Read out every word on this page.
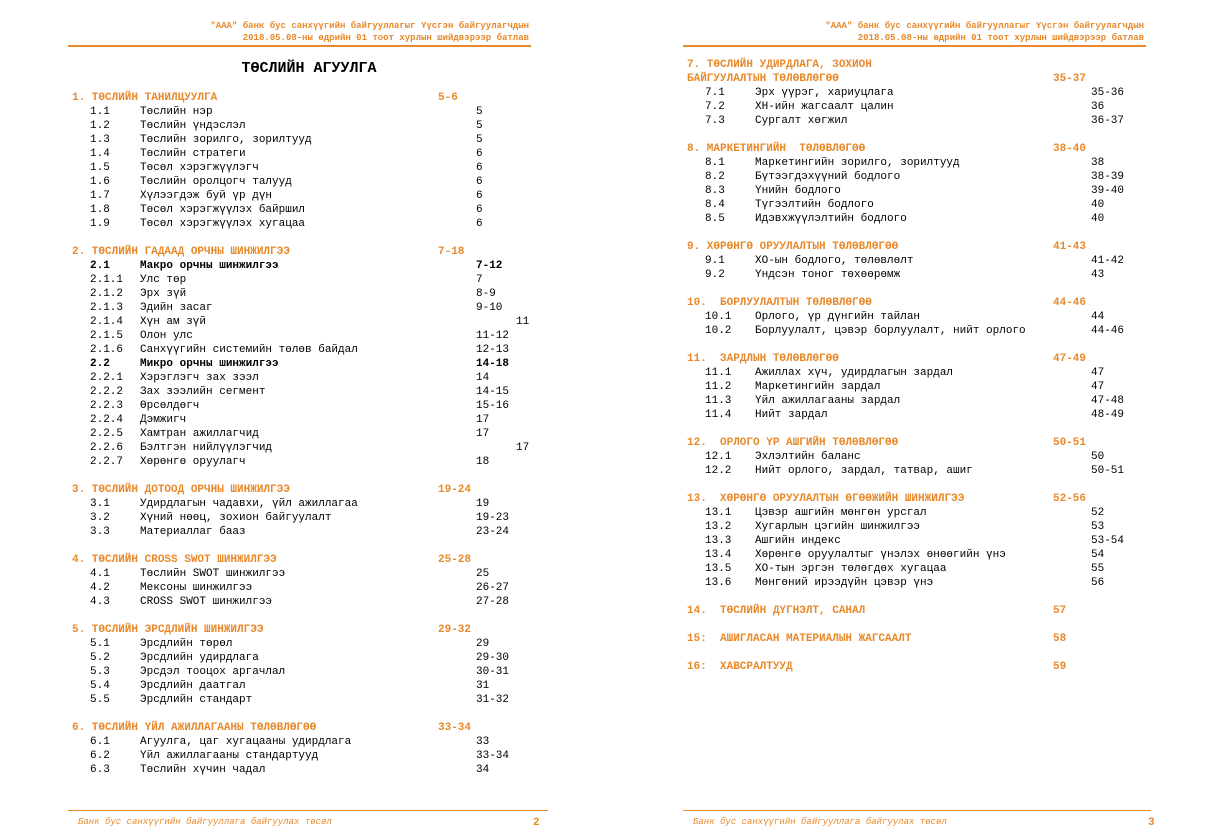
"ААА" банк бус санхүүгийн байгууллагыг Үүсгэн байгуулагчдын
2018.05.08-ны өдрийн 01 тоот хурлын шийдвэрээр батлав
ТӨСЛИЙН АГУУЛГА
1. ТӨСЛИЙН ТАНИЛЦУУЛГА	5-6
1.1	Төслийн нэр	5
1.2	Төслийн үндэслэл	5
1.3	Төслийн зорилго, зорилтууд	5
1.4	Төслийн стратеги	6
1.5	Төсөл хэрэгжүүлэгч	6
1.6	Төслийн оролцогч талууд	6
1.7	Хүлээгдэж буй үр дүн	6
1.8	Төсөл хэрэгжүүлэх байршил	6
1.9	Төсөл хэрэгжүүлэх хугацаа	6
2. ТӨСЛИЙН ГАДААД ОРЧНЫ ШИНЖИЛГЭЭ	7-18
2.1	Макро орчны шинжилгээ	7-12
2.1.1 Улс төр	7
2.1.2 Эрх зүй	8-9
2.1.3 Эдийн засаг	9-10
2.1.4 Хүн ам зүй	11
2.1.5 Олон улс	11-12
2.1.6 Санхүүгийн системийн төлөв байдал	12-13
2.2	Микро орчны шинжилгээ	14-18
2.2.1 Хэрэглэгч зах зээл	14
2.2.2 Зах зээлийн сегмент	14-15
2.2.3 Өрсөлдөгч	15-16
2.2.4 Дэмжигч	17
2.2.5 Хамтран ажиллагчид	17
2.2.6 Бэлтгэн нийлүүлэгчид	17
2.2.7 Хөрөнгө оруулагч	18
3. ТӨСЛИЙН ДОТООД ОРЧНЫ ШИНЖИЛГЭЭ	19-24
3.1	Удирдлагын чадавхи, үйл ажиллагаа	19
3.2	Хүний нөөц, зохион байгуулалт	19-23
3.3	Материаллаг бааз	23-24
4. ТӨСЛИЙН CROSS SWOT ШИНЖИЛГЭЭ	25-28
4.1	Төслийн SWOT шинжилгээ	25
4.2	Мексоны шинжилгээ	26-27
4.3	CROSS SWOT шинжилгээ	27-28
5. ТӨСЛИЙН ЭРСДЛИЙН ШИНЖИЛГЭЭ	29-32
5.1	Эрсдлийн төрөл	29
5.2	Эрсдлийн удирдлага	29-30
5.3	Эрсдэл тооцох аргачлал	30-31
5.4	Эрсдлийн даатгал	31
5.5	Эрсдлийн стандарт	31-32
6. ТӨСЛИЙН ҮЙЛ АЖИЛЛАГААНЫ ТӨЛӨВЛӨГӨӨ	33-34
6.1	Агуулга, цаг хугацааны удирдлага	33
6.2	Үйл ажиллагааны стандартууд	33-34
6.3	Төслийн хүчин чадал	34
Банк бус санхүүгийн байгууллага байгуулах төсөл	2
"ААА" банк бус санхүүгийн байгууллагыг Үүсгэн байгуулагчдын
2018.05.08-ны өдрийн 01 тоот хурлын шийдвэрээр батлав
7. ТӨСЛИЙН УДИРДЛАГА, ЗОХИОН
БАЙГУУЛАЛТЫН ТӨЛӨВЛӨГӨӨ	35-37
7.1	Эрх үүрэг, хариуцлага	35-36
7.2	ХН-ийн жагсаалт цалин	36
7.3	Сургалт хөгжил	36-37
8. МАРКЕТИНГИЙН  ТӨЛӨВЛӨГӨӨ	38-40
8.1	Маркетингийн зорилго, зорилтууд	38
8.2	Бүтээгдэхүүний бодлого	38-39
8.3	Үнийн бодлого	39-40
8.4	Түгээлтийн бодлого	40
8.5	Идэвхжүүлэлтийн бодлого	40
9. ХӨРӨНГӨ ОРУУЛАЛТЫН ТӨЛӨВЛӨГӨӨ	41-43
9.1	ХО-ын бодлого, төлөвлөлт	41-42
9.2	Үндсэн тоног төхөөрөмж	43
10.  БОРЛУУЛАЛТЫН ТӨЛӨВЛӨГӨӨ	44-46
10.1 Орлого, үр дүнгийн тайлан	44
10.2 Борлуулалт, цэвэр борлуулалт, нийт орлого	44-46
11.  ЗАРДЛЫН ТӨЛӨВЛӨГӨӨ	47-49
11.1 Ажиллах хүч, удирдлагын зардал	47
11.2 Маркетингийн зардал	47
11.3 Үйл ажиллагааны зардал	47-48
11.4 Нийт зардал	48-49
12.  ОРЛОГО ҮР АШГИЙН ТӨЛӨВЛӨГӨӨ	50-51
12.1 Эхлэлтийн баланс	50
12.2 Нийт орлого, зардал, татвар, ашиг	50-51
13.  ХӨРӨНГӨ ОРУУЛАЛТЫН ӨГӨӨЖИЙН ШИНЖИЛГЭЭ	52-56
13.1 Цэвэр ашгийн мөнгөн урсгал	52
13.2 Хугарлын цэгийн шинжилгээ	53
13.3 Ашгийн индекс	53-54
13.4 Хөрөнгө оруулалтыг үнэлэх өнөөгийн үнэ	54
13.5 ХО-тын эргэн төлөгдөх хугацаа	55
13.6 Мөнгөний ирээдүйн цэвэр үнэ	56
14.  ТӨСЛИЙН ДҮГНЭЛТ, САНАЛ	57
15:  АШИГЛАСАН МАТЕРИАЛЫН ЖАГСААЛТ	58
16:  ХАВСРАЛТУУД	59
Банк бус санхүүгийн байгууллага байгуулах төсөл	3
